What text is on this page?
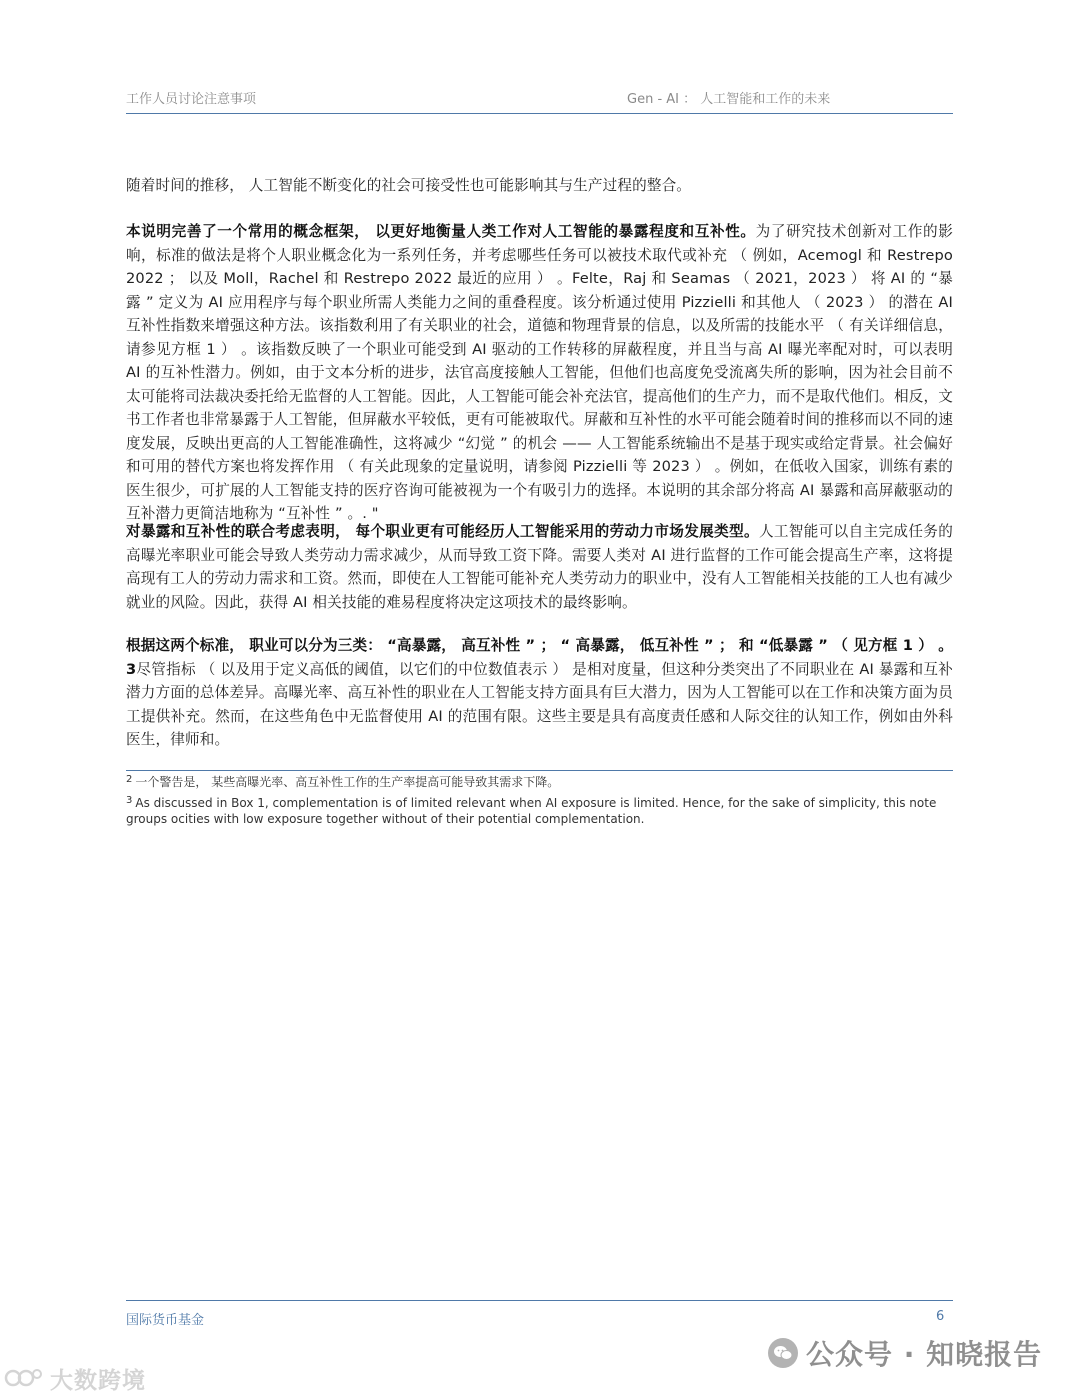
工作人员讨论注意事项	Gen - AI ： 人工智能和工作的未来

随着时间的推移， 人工智能不断变化的社会可接受性也可能影响其与生产过程的整合。

本说明完善了一个常用的概念框架， 以更好地衡量人类工作对人工智能的暴露程度和互补性。为了研究技术创新对工作的影响，标准的做法是将个人职业概念化为一系列任务，并考虑哪些任务可以被技术取代或补充 （ 例如，Acemogl 和 Restrepo 2022 ； 以及 Moll，Rachel 和 Restrepo 2022 最近的应用 ） 。Felte，Raj 和 Seamas （ 2021，2023 ） 将 AI 的 “暴露 ” 定义为 AI 应用程序与每个职业所需人类能力之间的重叠程度。该分析通过使用 Pizzielli 和其他人 （ 2023 ） 的潜在 AI 互补性指数来增强这种方法。该指数利用了有关职业的社会，道德和物理背景的信息，以及所需的技能水平 （ 有关详细信息，请参见方框 1 ） 。该指数反映了一个职业可能受到 AI 驱动的工作转移的屏蔽程度，并且当与高 AI 曝光率配对时，可以表明 AI 的互补性潜力。例如，由于文本分析的进步，法官高度接触人工智能，但他们也高度免受流离失所的影响，因为社会目前不太可能将司法裁决委托给无监督的人工智能。因此，人工智能可能会补充法官，提高他们的生产力，而不是取代他们。相反，文书工作者也非常暴露于人工智能，但屏蔽水平较低，更有可能被取代。屏蔽和互补性的水平可能会随着时间的推移而以不同的速度发展，反映出更高的人工智能准确性，这将减少 “幻觉 ” 的机会 —— 人工智能系统输出不是基于现实或给定背景。社会偏好和可用的替代方案也将发挥作用 （ 有关此现象的定量说明，请参阅 Pizzielli 等 2023 ） 。例如，在低收入国家，训练有素的医生很少，可扩展的人工智能支持的医疗咨询可能被视为一个有吸引力的选择。本说明的其余部分将高 AI 暴露和高屏蔽驱动的互补潜力更简洁地称为 “互补性 ” 。. "

对暴露和互补性的联合考虑表明， 每个职业更有可能经历人工智能采用的劳动力市场发展类型。人工智能可以自主完成任务的高曝光率职业可能会导致人类劳动力需求减少，从而导致工资下降。需要人类对 AI 进行监督的工作可能会提高生产率，这将提高现有工人的劳动力需求和工资。然而，即使在人工智能可能补充人类劳动力的职业中，没有人工智能相关技能的工人也有减少就业的风险。因此，获得 AI 相关技能的难易程度将决定这项技术的最终影响。

根据这两个标准， 职业可以分为三类： “高暴露， 高互补性 ” ； “ 高暴露， 低互补性 ” ； 和 “低暴露 ” （ 见方框 1 ） 。 3尽管指标 （ 以及用于定义高低的阈值，以它们的中位数值表示 ） 是相对度量，但这种分类突出了不同职业在 AI 暴露和互补潜力方面的总体差异。高曝光率、高互补性的职业在人工智能支持方面具有巨大潜力，因为人工智能可以在工作和决策方面为员工提供补充。然而，在这些角色中无监督使用 AI 的范围有限。这些主要是具有高度责任感和人际交往的认知工作，例如由外科医生，律师和。

$^2$ 一个警告是， 某些高曝光率、高互补性工作的生产率提高可能导致其需求下降。
$^3$ As discussed in Box 1, complementation is of limited relevant when AI exposure is limited. Hence, for the sake of simplicity, this note groups ocities with low exposure together without of their potential complementation.
国际货币基金	6
公众号 · 知晓报告
大数跨境
